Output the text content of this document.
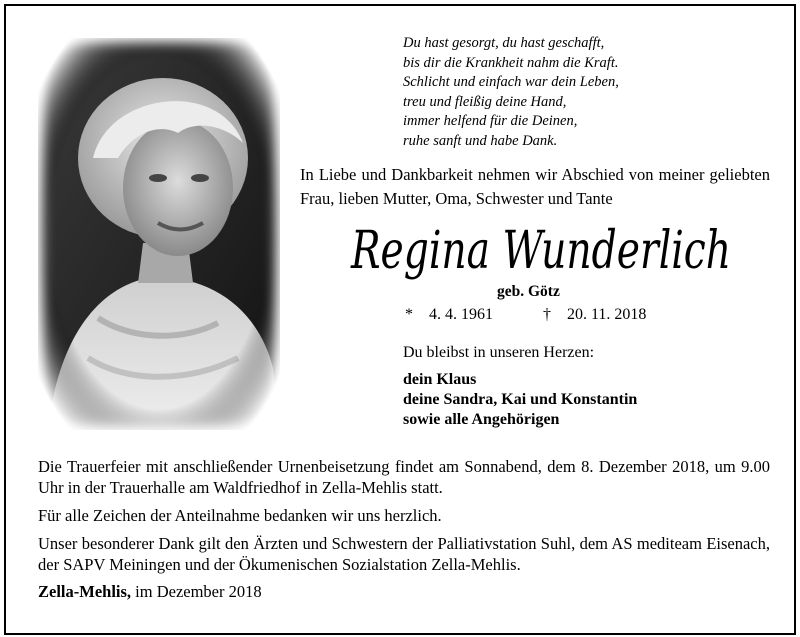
Du hast gesorgt, du hast geschafft,
bis dir die Krankheit nahm die Kraft.
Schlicht und einfach war dein Leben,
treu und fleißig deine Hand,
immer helfend für die Deinen,
ruhe sanft und habe Dank.
In Liebe und Dankbarkeit nehmen wir Abschied von meiner geliebten Frau, lieben Mutter, Oma, Schwester und Tante
Regina Wunderlich
geb. Götz
* 4. 4. 1961	† 20. 11. 2018
Du bleibst in unseren Herzen:
dein Klaus
deine Sandra, Kai und Konstantin
sowie alle Angehörigen

Die Trauerfeier mit anschließender Urnenbeisetzung findet am Sonnabend, dem 8. Dezember 2018, um 9.00 Uhr in der Trauerhalle am Waldfriedhof in Zella-Mehlis statt.

Für alle Zeichen der Anteilnahme bedanken wir uns herzlich.

Unser besonderer Dank gilt den Ärzten und Schwestern der Palliativstation Suhl, dem AS mediteam Eisenach, der SAPV Meiningen und der Ökumenischen Sozialstation Zella-Mehlis.

Zella-Mehlis, im Dezember 2018
